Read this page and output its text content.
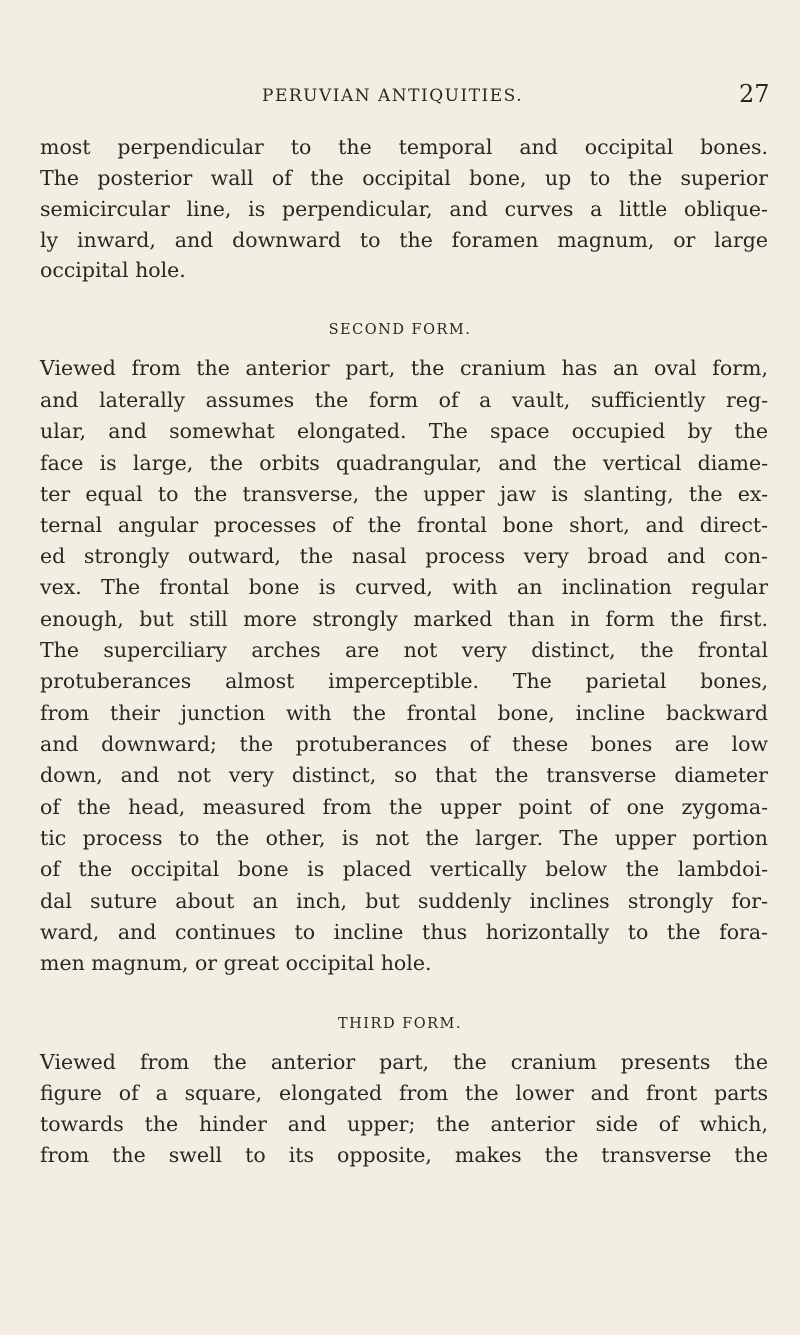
PERUVIAN ANTIQUITIES.	27
most perpendicular to the temporal and occipital bones.
The posterior wall of the occipital bone, up to the superior
semicircular line, is perpendicular, and curves a little oblique-
ly inward, and downward to the foramen magnum, or large
occipital hole.
SECOND FORM.
Viewed from the anterior part, the cranium has an oval form,
and laterally assumes the form of a vault, sufficiently reg-
ular, and somewhat elongated. The space occupied by the
face is large, the orbits quadrangular, and the vertical diame-
ter equal to the transverse, the upper jaw is slanting, the ex-
ternal angular processes of the frontal bone short, and direct-
ed strongly outward, the nasal process very broad and con-
vex. The frontal bone is curved, with an inclination regular
enough, but still more strongly marked than in form the first.
The superciliary arches are not very distinct, the frontal
protuberances almost imperceptible. The parietal bones,
from their junction with the frontal bone, incline backward
and downward; the protuberances of these bones are low
down, and not very distinct, so that the transverse diameter
of the head, measured from the upper point of one zygoma-
tic process to the other, is not the larger. The upper portion
of the occipital bone is placed vertically below the lambdoi-
dal suture about an inch, but suddenly inclines strongly for-
ward, and continues to incline thus horizontally to the fora-
men magnum, or great occipital hole.
THIRD FORM.
Viewed from the anterior part, the cranium presents the
figure of a square, elongated from the lower and front parts
towards the hinder and upper; the anterior side of which,
from the swell to its opposite, makes the transverse the
